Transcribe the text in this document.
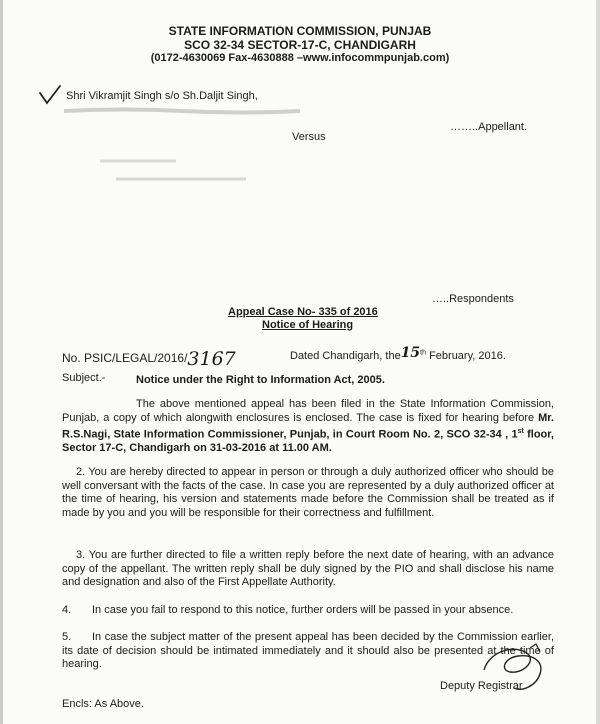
STATE INFORMATION COMMISSION, PUNJAB
SCO 32-34 SECTOR-17-C, CHANDIGARH
(0172-4630069 Fax-4630888 –www.infocommpunjab.com)
Shri Vikramjit Singh s/o Sh.Daljit Singh,
……..Appellant.
Versus
…..Respondents
Appeal Case No- 335 of 2016
Notice of Hearing
No. PSIC/LEGAL/2016/3167	Dated Chandigarh, the15th February, 2016.
Subject.-	Notice under the Right to Information Act, 2005.
The above mentioned appeal has been filed in the State Information Commission, Punjab, a copy of which alongwith enclosures is enclosed. The case is fixed for hearing before Mr. R.S.Nagi, State Information Commissioner, Punjab, in Court Room No. 2, SCO 32-34 , 1st floor, Sector 17-C, Chandigarh on 31-03-2016 at 11.00 AM.
2. You are hereby directed to appear in person or through a duly authorized officer who should be well conversant with the facts of the case. In case you are represented by a duly authorized officer at the time of hearing, his version and statements made before the Commission shall be treated as if made by you and you will be responsible for their correctness and fulfillment.
3. You are further directed to file a written reply before the next date of hearing, with an advance copy of the appellant. The written reply shall be duly signed by the PIO and shall disclose his name and designation and also of the First Appellate Authority.
4. In case you fail to respond to this notice, further orders will be passed in your absence.
5.	In case the subject matter of the present appeal has been decided by the Commission earlier, its date of decision should be intimated immediately and it should also be presented at the time of hearing.
Deputy Registrar
Encls: As Above.
